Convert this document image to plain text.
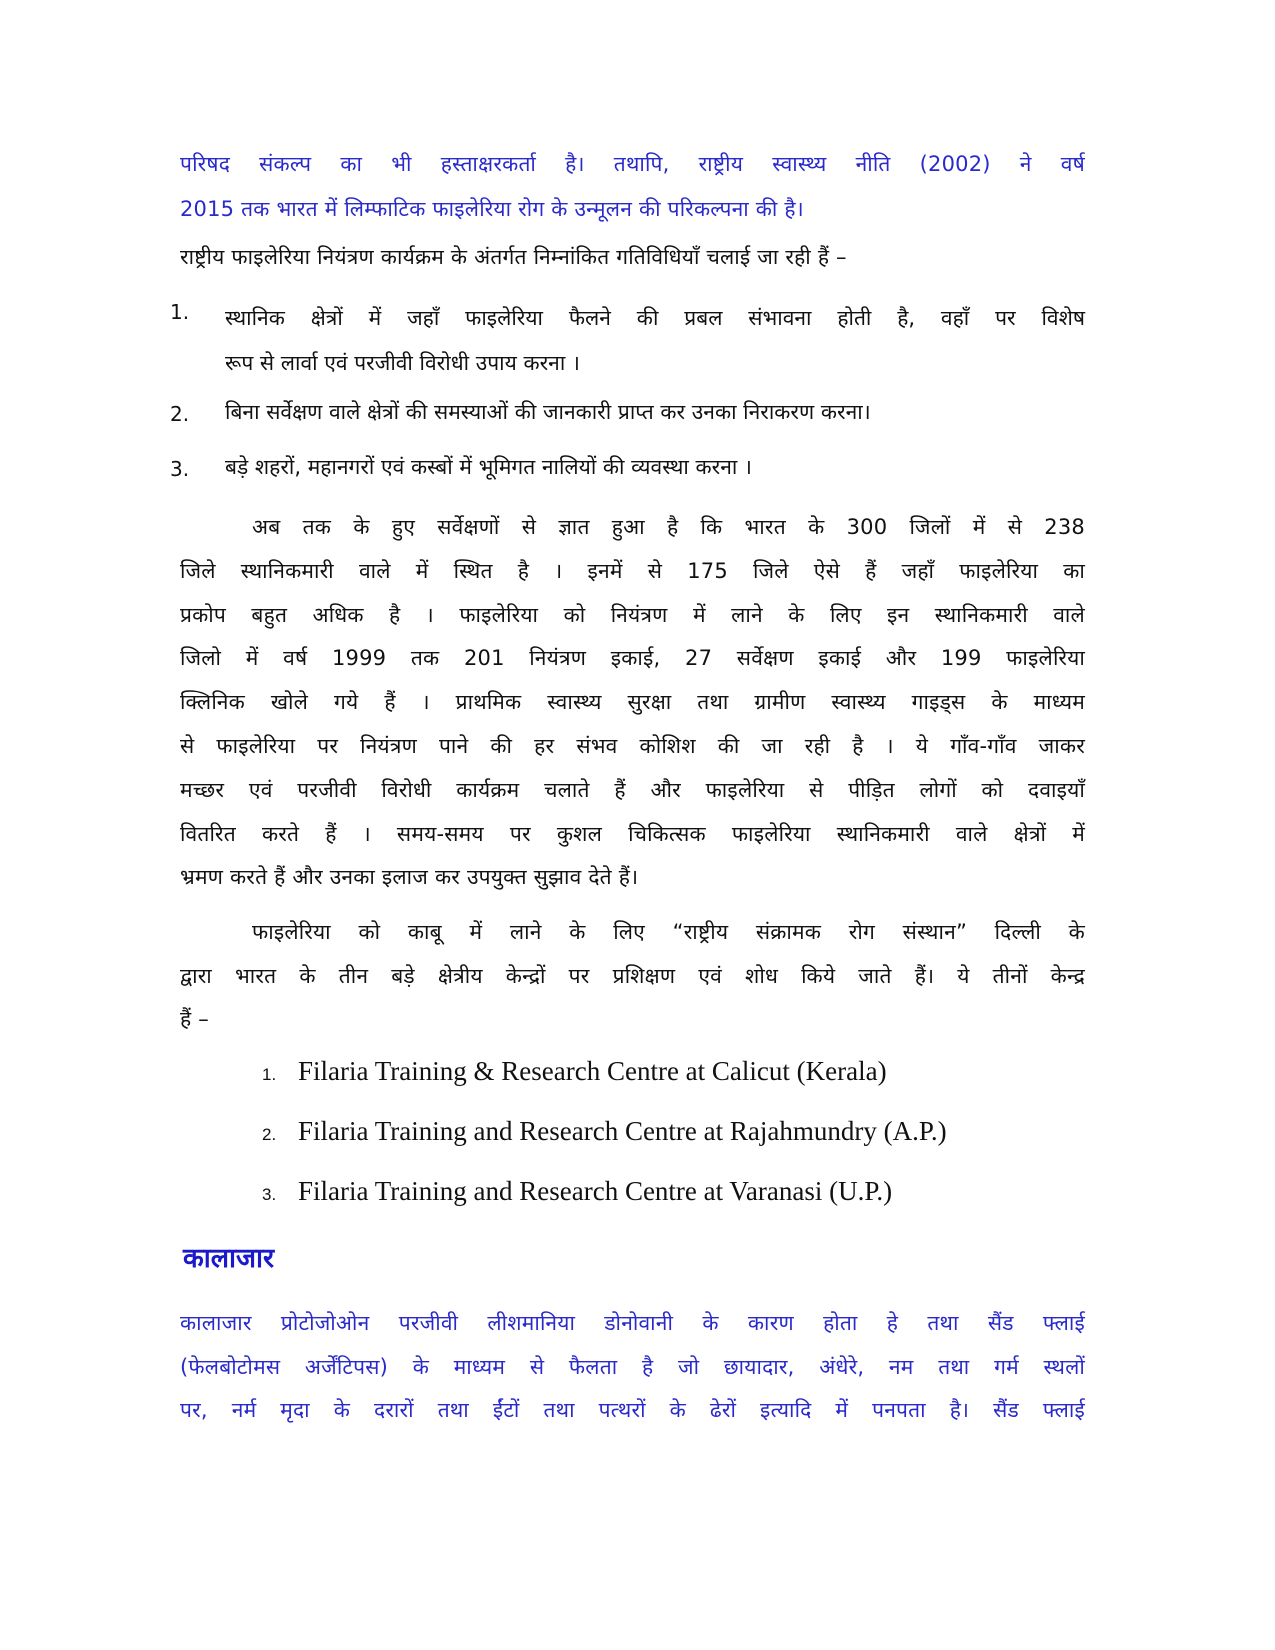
परिषद संकल्प का भी हस्ताक्षरकर्ता है। तथापि, राष्ट्रीय स्वास्थ्य नीति (2002) ने वर्ष
2015 तक भारत में लिम्फाटिक फाइलेरिया रोग के उन्मूलन की परिकल्पना की है।
राष्ट्रीय फाइलेरिया नियंत्रण कार्यक्रम के अंतर्गत निम्नांकित गतिविधियाँ चलाई जा रही हैं –
1. स्थानिक क्षेत्रों में जहाँ फाइलेरिया फैलने की प्रबल संभावना होती है, वहाँ पर विशेष
रूप से लार्वा एवं परजीवी विरोधी उपाय करना ।
2. बिना सर्वेक्षण वाले क्षेत्रों की समस्याओं की जानकारी प्राप्त कर उनका निराकरण करना।
3. बड़े शहरों, महानगरों एवं कस्बों में भूमिगत नालियों की व्यवस्था करना ।
अब तक के हुए सर्वेक्षणों से ज्ञात हुआ है कि भारत के 300 जिलों में से 238
जिले स्थानिकमारी वाले में स्थित है । इनमें से 175 जिले ऐसे हैं जहाँ फाइलेरिया का
प्रकोप बहुत अधिक है । फाइलेरिया को नियंत्रण में लाने के लिए इन स्थानिकमारी वाले
जिलो में वर्ष 1999 तक 201 नियंत्रण इकाई, 27 सर्वेक्षण इकाई और 199 फाइलेरिया
क्लिनिक खोले गये हैं । प्राथमिक स्वास्थ्य सुरक्षा तथा ग्रामीण स्वास्थ्य गाइड्स के माध्यम
से फाइलेरिया पर नियंत्रण पाने की हर संभव कोशिश की जा रही है । ये गाँव-गाँव जाकर
मच्छर एवं परजीवी विरोधी कार्यक्रम चलाते हैं और फाइलेरिया से पीड़ित लोगों को दवाइयाँ
वितरित करते हैं । समय-समय पर कुशल चिकित्सक फाइलेरिया स्थानिकमारी वाले क्षेत्रों में
भ्रमण करते हैं और उनका इलाज कर उपयुक्त सुझाव देते हैं।
फाइलेरिया को काबू में लाने के लिए “राष्ट्रीय संक्रामक रोग संस्थान” दिल्ली के
द्वारा भारत के तीन बड़े क्षेत्रीय केन्द्रों पर प्रशिक्षण एवं शोध किये जाते हैं। ये तीनों केन्द्र
हैं –
1. Filaria Training & Research Centre at Calicut (Kerala)
2. Filaria Training and Research Centre at Rajahmundry (A.P.)
3. Filaria Training and Research Centre at Varanasi (U.P.)
कालाजार
कालाजार प्रोटोजोओन परजीवी लीशमानिया डोनोवानी के कारण होता हे तथा सैंड फ्लाई
(फेलबोटोमस अर्जेंटिपस) के माध्यम से फैलता है जो छायादार, अंधेरे, नम तथा गर्म स्थलों
पर, नर्म मृदा के दरारों तथा ईंटों तथा पत्थरों के ढेरों इत्यादि में पनपता है। सैंड फ्लाई
